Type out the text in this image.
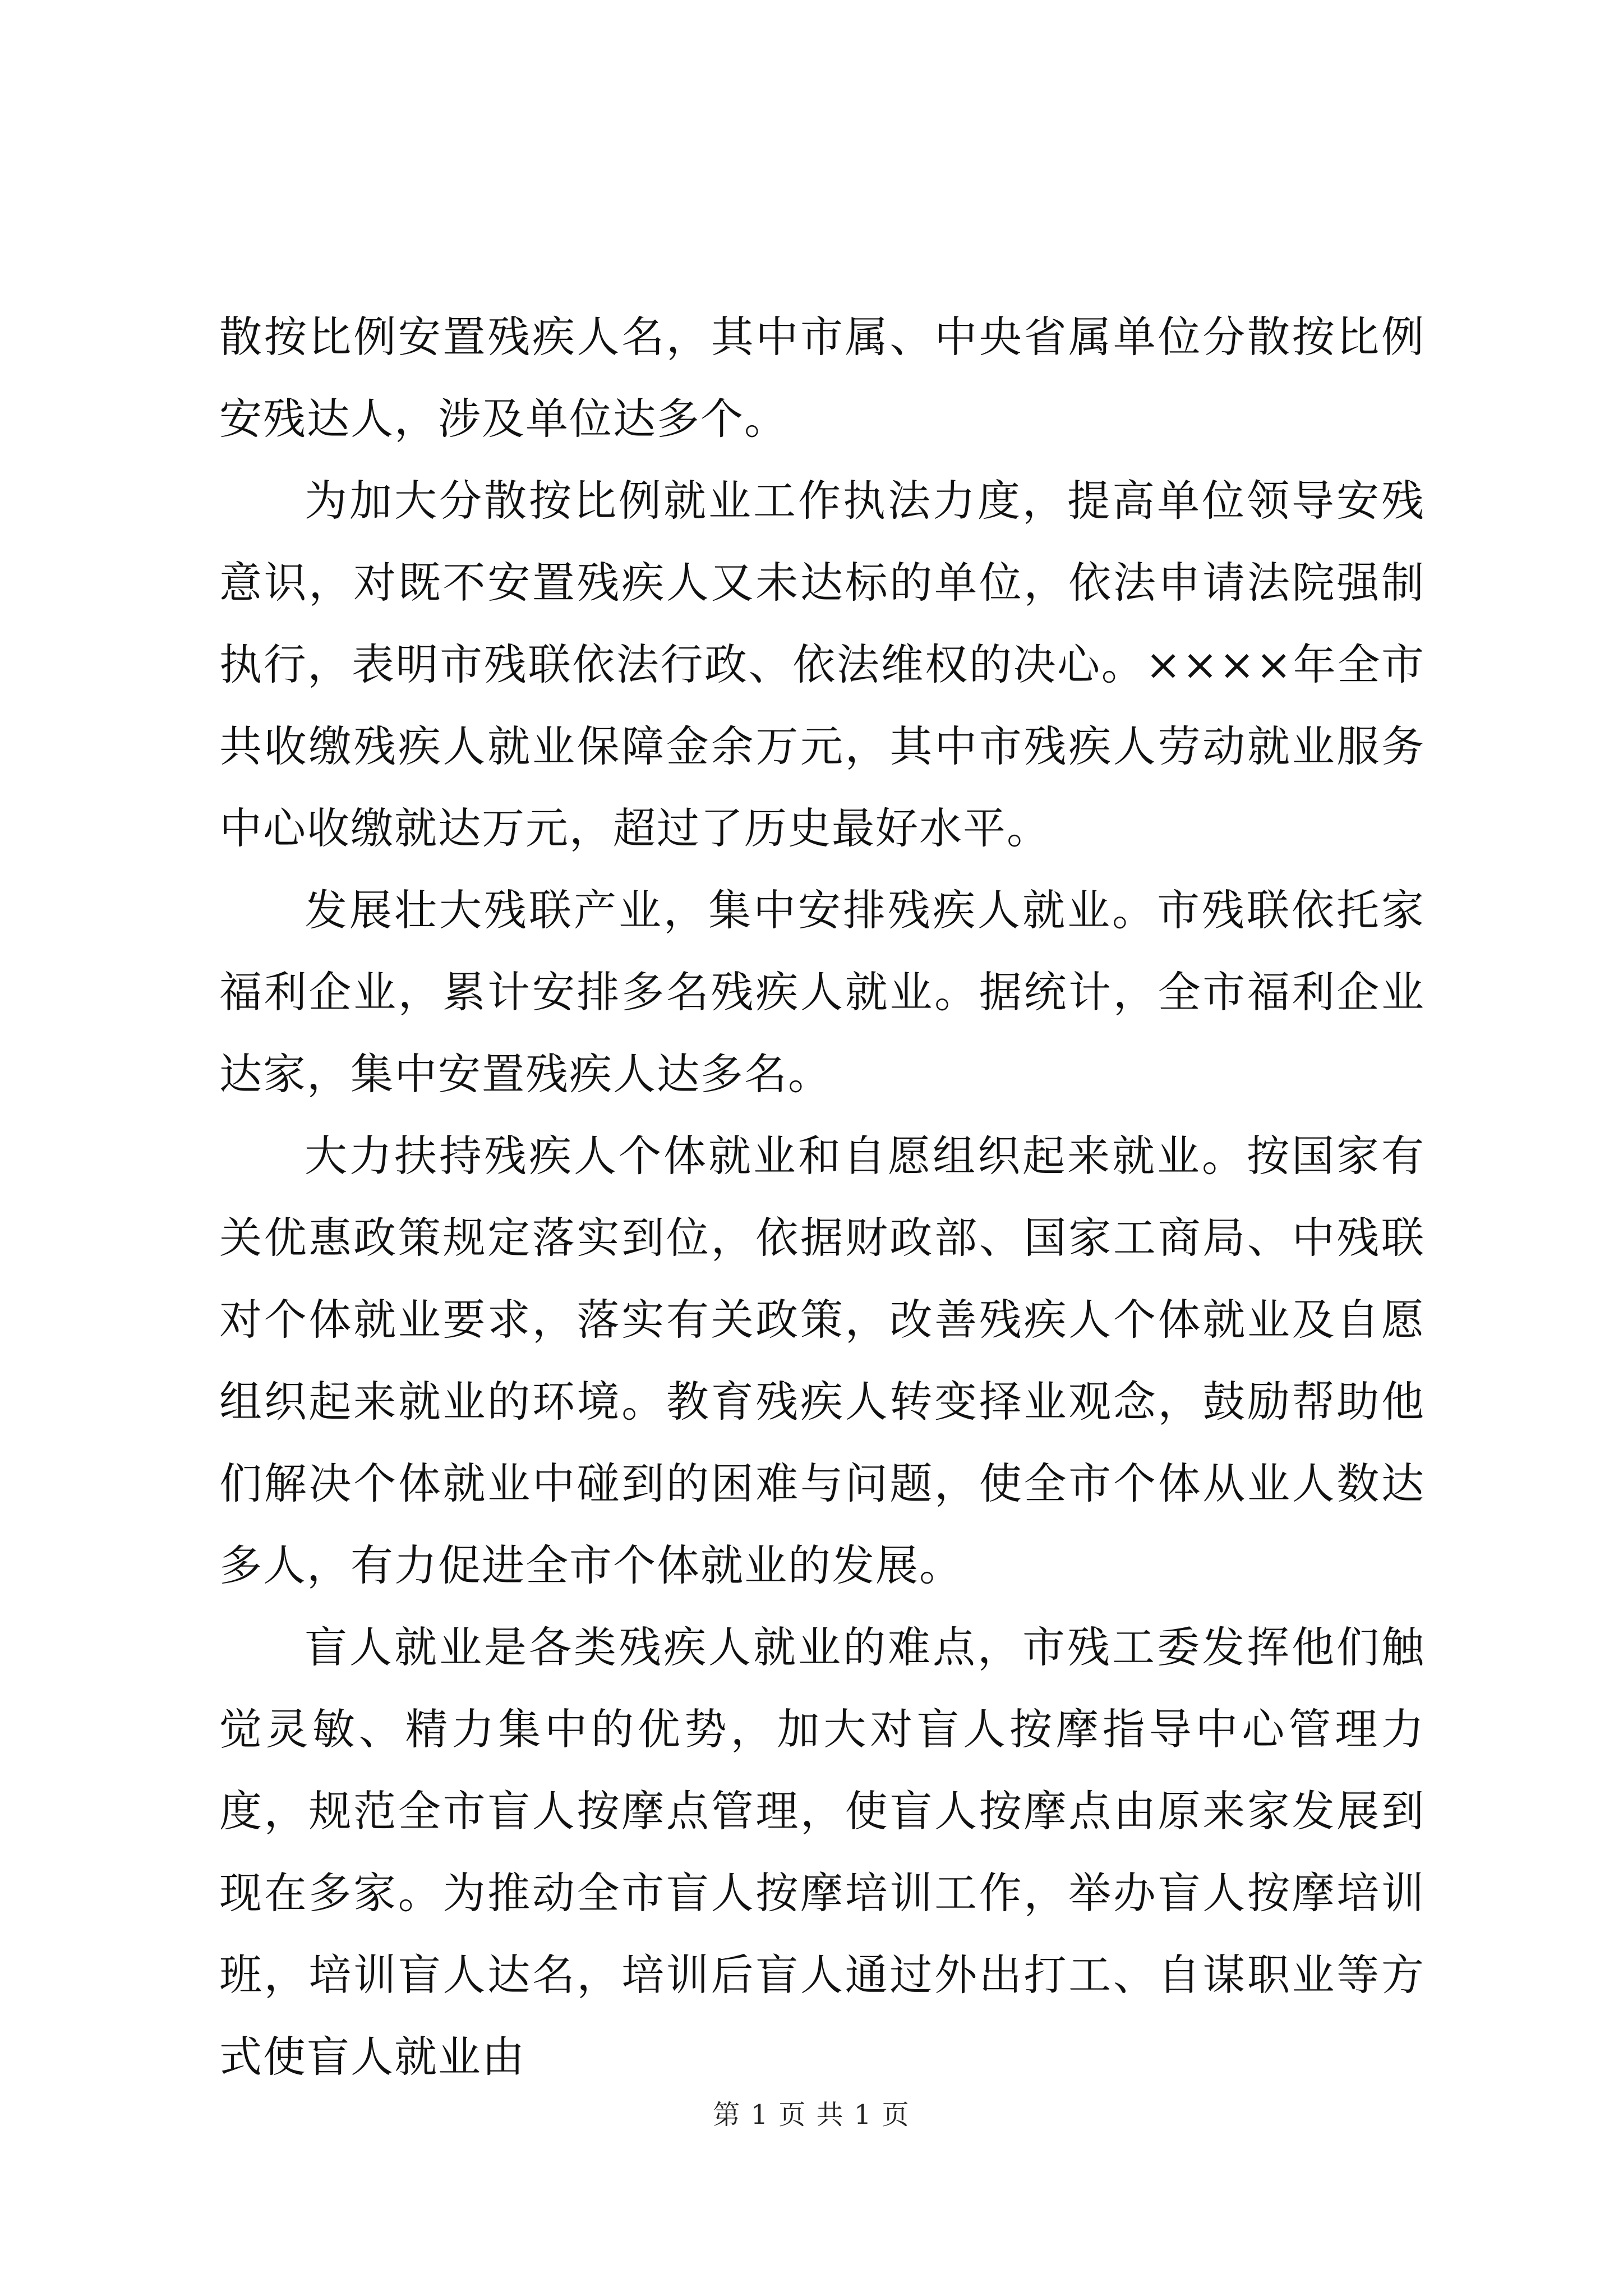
散按比例安置残疾人名，其中市属、中央省属单位分散按比例安残达人，涉及单位达多个。

为加大分散按比例就业工作执法力度，提高单位领导安残意识，对既不安置残疾人又未达标的单位，依法申请法院强制执行，表明市残联依法行政、依法维权的决心。××××年全市共收缴残疾人就业保障金余万元，其中市残疾人劳动就业服务中心收缴就达万元，超过了历史最好水平。

发展壮大残联产业，集中安排残疾人就业。市残联依托家福利企业，累计安排多名残疾人就业。据统计，全市福利企业达家，集中安置残疾人达多名。

大力扶持残疾人个体就业和自愿组织起来就业。按国家有关优惠政策规定落实到位，依据财政部、国家工商局、中残联对个体就业要求，落实有关政策，改善残疾人个体就业及自愿组织起来就业的环境。教育残疾人转变择业观念，鼓励帮助他们解决个体就业中碰到的困难与问题，使全市个体从业人数达多人，有力促进全市个体就业的发展。

盲人就业是各类残疾人就业的难点，市残工委发挥他们触觉灵敏、精力集中的优势，加大对盲人按摩指导中心管理力度，规范全市盲人按摩点管理，使盲人按摩点由原来家发展到现在多家。为推动全市盲人按摩培训工作，举办盲人按摩培训班，培训盲人达名，培训后盲人通过外出打工、自谋职业等方式使盲人就业由

第 1 页 共 1 页
